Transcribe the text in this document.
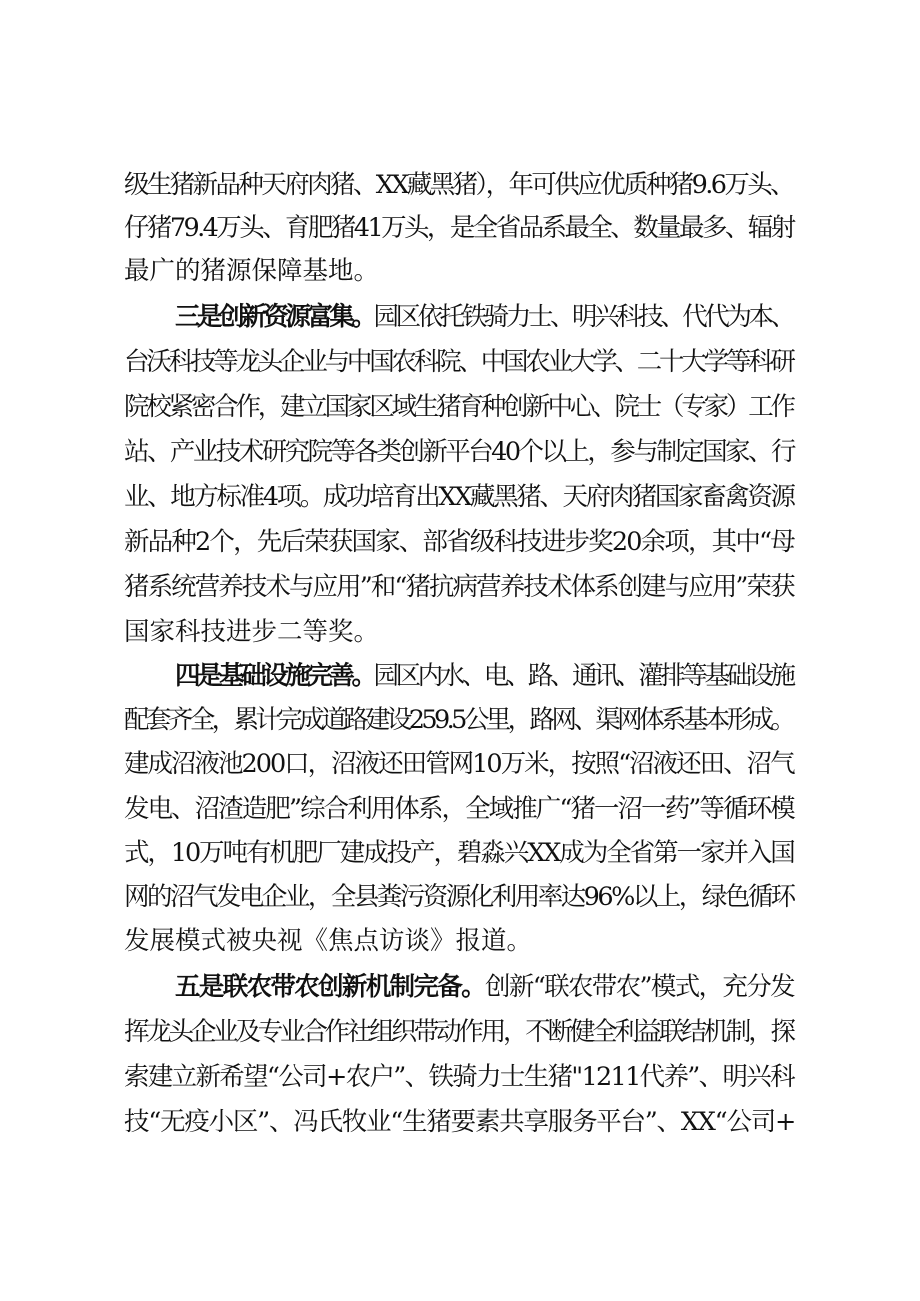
级生猪新品种天府肉猪、XX藏黑猪），年可供应优质种猪9.6万头、
仔猪79.4万头、育肥猪41万头，是全省品系最全、数量最多、辐射
最广的猪源保障基地。
三是创新资源富集。园区依托铁骑力士、明兴科技、代代为本、
台沃科技等龙头企业与中国农科院、中国农业大学、二十大学等科研
院校紧密合作，建立国家区域生猪育种创新中心、院士（专家）工作
站、产业技术研究院等各类创新平台40个以上，参与制定国家、行
业、地方标准4项。成功培育出XX藏黑猪、天府肉猪国家畜禽资源
新品种2个，先后荣获国家、部省级科技进步奖20余项，其中“母
猪系统营养技术与应用”和“猪抗病营养技术体系创建与应用”荣获
国家科技进步二等奖。
四是基础设施完善。园区内水、电、路、通讯、灌排等基础设施
配套齐全，累计完成道路建设259.5公里，路网、渠网体系基本形成。
建成沼液池200口，沼液还田管网10万米，按照“沼液还田、沼气
发电、沼渣造肥”综合利用体系，全域推广“猪一沼一药”等循环模
式，10万吨有机肥厂建成投产，碧淼兴XX成为全省第一家并入国
网的沼气发电企业，全县粪污资源化利用率达96%以上，绿色循环
发展模式被央视《焦点访谈》报道。
五是联农带农创新机制完备。创新“联农带农”模式，充分发
挥龙头企业及专业合作社组织带动作用，不断健全利益联结机制，探
索建立新希望“公司+农户”、铁骑力士生猪"1211代养”、明兴科
技“无疫小区”、冯氏牧业“生猪要素共享服务平台”、XX“公司+
